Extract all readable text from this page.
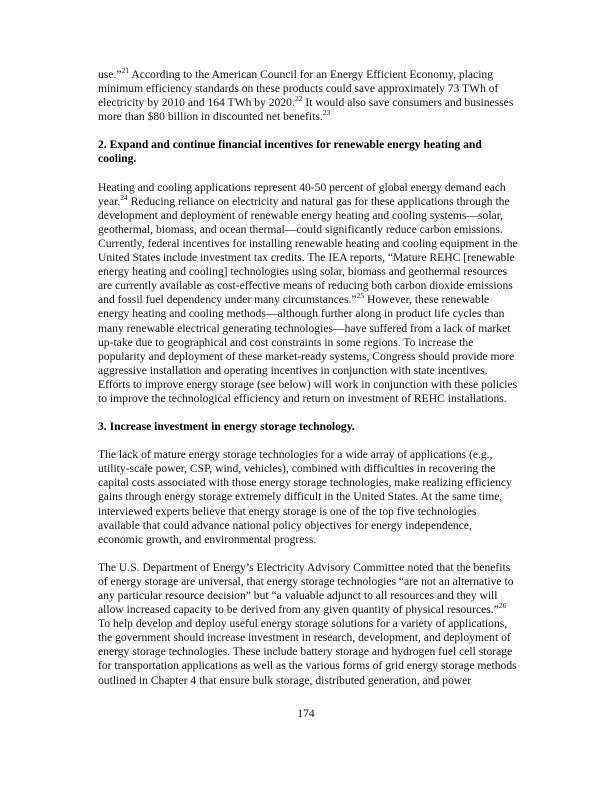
use.”$^{21}$ According to the American Council for an Energy Efficient Economy, placing minimum efficiency standards on these products could save approximately 73 TWh of electricity by 2010 and 164 TWh by 2020.22 It would also save consumers and businesses more than $80 billion in discounted net benefits.$^{23}$

2. Expand and continue financial incentives for renewable energy heating and cooling.

Heating and cooling applications represent 40-50 percent of global energy demand each year.$^{24}$ Reducing reliance on electricity and natural gas for these applications through the development and deployment of renewable energy heating and cooling systems—solar, geothermal, biomass, and ocean thermal—could significantly reduce carbon emissions. Currently, federal incentives for installing renewable heating and cooling equipment in the United States include investment tax credits. The IEA reports, “Mature REHC [renewable energy heating and cooling] technologies using solar, biomass and geothermal resources are currently available as cost-effective means of reducing both carbon dioxide emissions and fossil fuel dependency under many circumstances.”$^{25}$ However, these renewable energy heating and cooling methods—although further along in product life cycles than many renewable electrical generating technologies—have suffered from a lack of market up-take due to geographical and cost constraints in some regions. To increase the popularity and deployment of these market-ready systems, Congress should provide more aggressive installation and operating incentives in conjunction with state incentives. Efforts to improve energy storage (see below) will work in conjunction with these policies to improve the technological efficiency and return on investment of REHC installations.

3. Increase investment in energy storage technology.

The lack of mature energy storage technologies for a wide array of applications (e.g., utility-scale power, CSP, wind, vehicles), combined with difficulties in recovering the capital costs associated with those energy storage technologies, make realizing efficiency gains through energy storage extremely difficult in the United States. At the same time, interviewed experts believe that energy storage is one of the top five technologies available that could advance national policy objectives for energy independence, economic growth, and environmental progress.

The U.S. Department of Energy’s Electricity Advisory Committee noted that the benefits of energy storage are universal, that energy storage technologies “are not an alternative to any particular resource decision” but “a valuable adjunct to all resources and they will allow increased capacity to be derived from any given quantity of physical resources.”$^{26}$ To help develop and deploy useful energy storage solutions for a variety of applications, the government should increase investment in research, development, and deployment of energy storage technologies. These include battery storage and hydrogen fuel cell storage for transportation applications as well as the various forms of grid energy storage methods outlined in Chapter 4 that ensure bulk storage, distributed generation, and power

174
